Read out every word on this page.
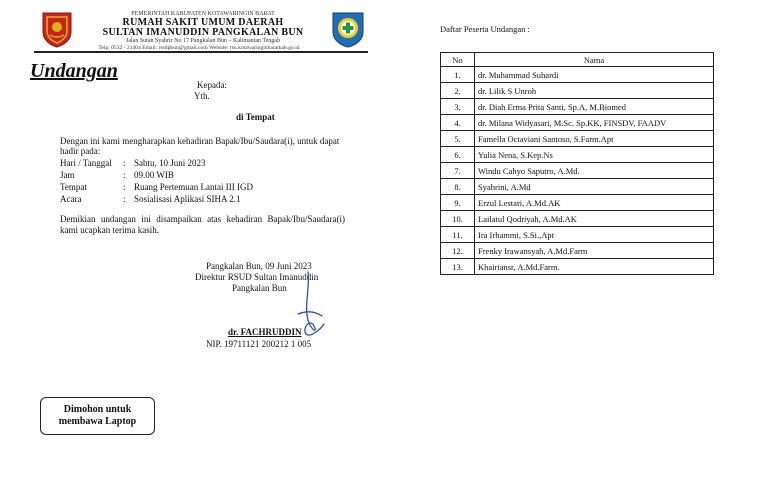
PEMERINTAH KABUPATEN KOTAWARINGIN BARAT
RUMAH SAKIT UMUM DAERAH
SULTAN IMANUDDIN PANGKALAN BUN
Jalan Sutan Syahrir No 17 Pangkalan Bun – Kalimantan Tengah
Telp. 0532 - 21404 Email: rssdpbun@gmail.com Website: rsu.kotawaringinbaratkab.go.id
Undangan
Kepada:
Yth.
di Tempat
Dengan ini kami mengharapkan kehadiran Bapak/Ibu/Saudara(i), untuk dapat hadir pada:
Hari / Tanggal : Sabtu, 10 Juni 2023
Jam	: 09.00 WIB
Tempat	: Ruang Pertemuan Lantai III IGD
Acara	: Sosialisasi Aplikasi SIHA 2.1
Demikian undangan ini disampaikan atas kehadiran Bapak/Ibu/Saudara(i) kami ucapkan terima kasih.
Pangkalan Bun, 09 Juni 2023
Direktur RSUD Sultan Imanuddin
Pangkalan Bun
dr. FACHRUDDIN
NIP. 19711121 200212 1 005
Dimohon untuk membawa Laptop
Daftar Peserta Undangan :
No	Nama
1.	dr. Muhammad Suhardi
2.	dr. Lilik S Unroh
3.	dr. Diah Erma Prita Santi, Sp.A, M.Biomed
4.	dr. Milana Widyasari, M.Sc. Sp.KK, FINSDV, FAADV
5.	Famella Octaviani Santoso, S.Farm.Apt
6.	Yulia Nena, S.Kep.Ns
7.	Windu Cahyo Saputro, A.Md.
8.	Syahrini, A.Md
9.	Erzul Lestari, A.Md.AK
10.	Lailatul Qodriyah, A.Md.AK
11.	Ira Irhammi, S.Si.,Apt
12.	Frenky Irawansyah, A.Md.Farm
13.	Khairiansr, A.Md.Farm.
